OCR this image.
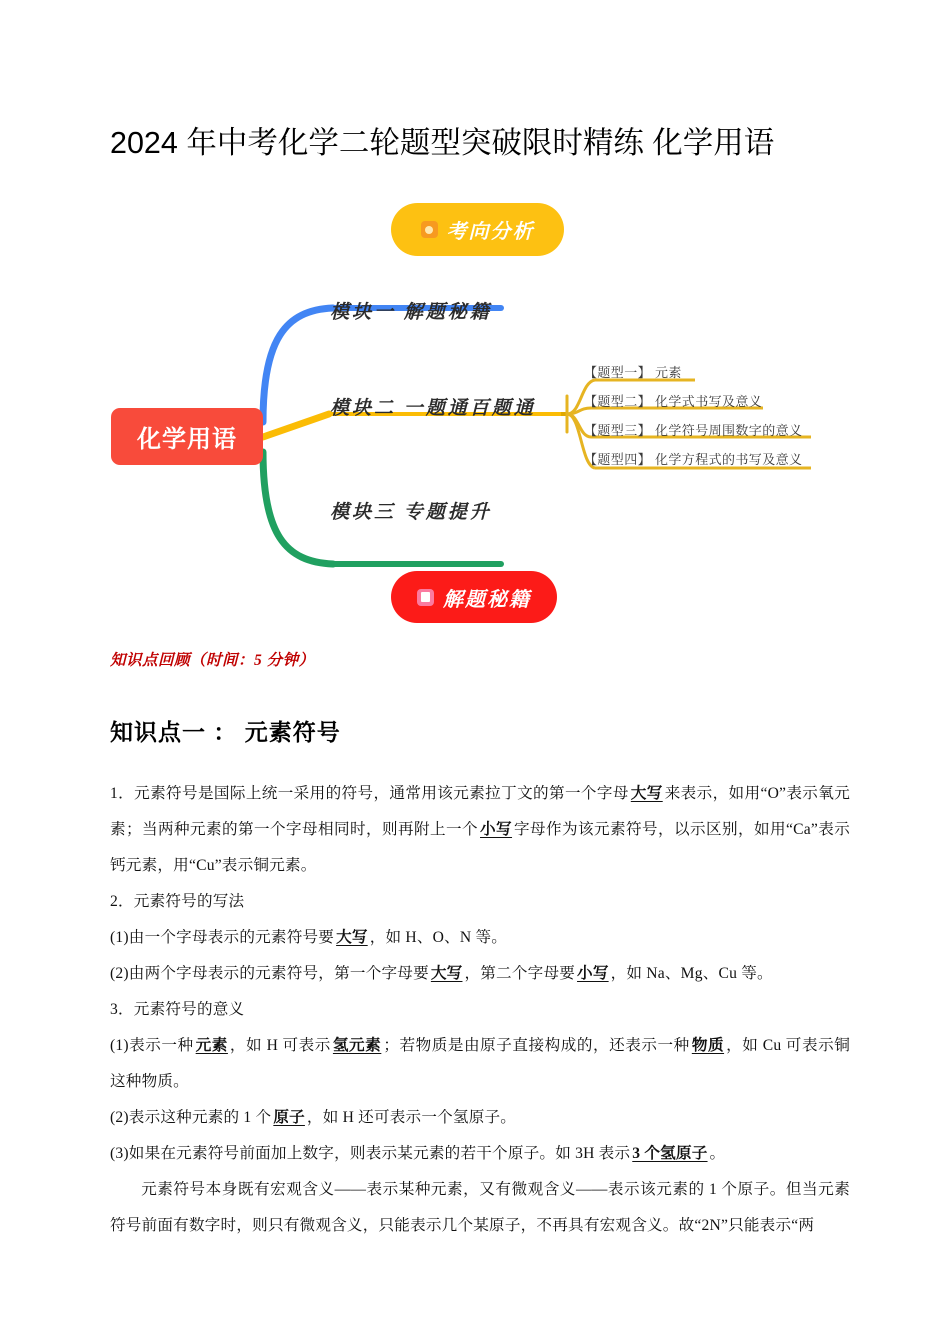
2024 年中考化学二轮题型突破限时精练 化学用语
考向分析
化学用语
模块一 解题秘籍
模块二 一题通百题通
模块三 专题提升
【题型一】 元素
【题型二】 化学式书写及意义
【题型三】 化学符号周围数字的意义
【题型四】 化学方程式的书写及意义
解题秘籍
知识点回顾（时间：5 分钟）
知识点一 ： 元素符号

1．元素符号是国际上统一采用的符号，通常用该元素拉丁文的第一个字母 大写 来表示，如用“O”表示氧元素；当两种元素的第一个字母相同时，则再附上一个 小写 字母作为该元素符号，以示区别，如用“Ca”表示钙元素，用“Cu”表示铜元素。

2．元素符号的写法

(1)由一个字母表示的元素符号要 大写 ，如 H、O、N 等。

(2)由两个字母表示的元素符号，第一个字母要 大写 ，第二个字母要 小写 ，如 Na、Mg、Cu 等。

3．元素符号的意义

(1)表示一种 元素 ，如 H 可表示 氢元素 ；若物质是由原子直接构成的，还表示一种 物质 ，如 Cu 可表示铜这种物质。

(2)表示这种元素的 1 个 原子 ，如 H 还可表示一个氢原子。

(3)如果在元素符号前面加上数字，则表示某元素的若干个原子。如 3H 表示 3 个氢原子 。

元素符号本身既有宏观含义——表示某种元素，又有微观含义——表示该元素的 1 个原子。但当元素符号前面有数字时，则只有微观含义，只能表示几个某原子，不再具有宏观含义。故“2N”只能表示“两
